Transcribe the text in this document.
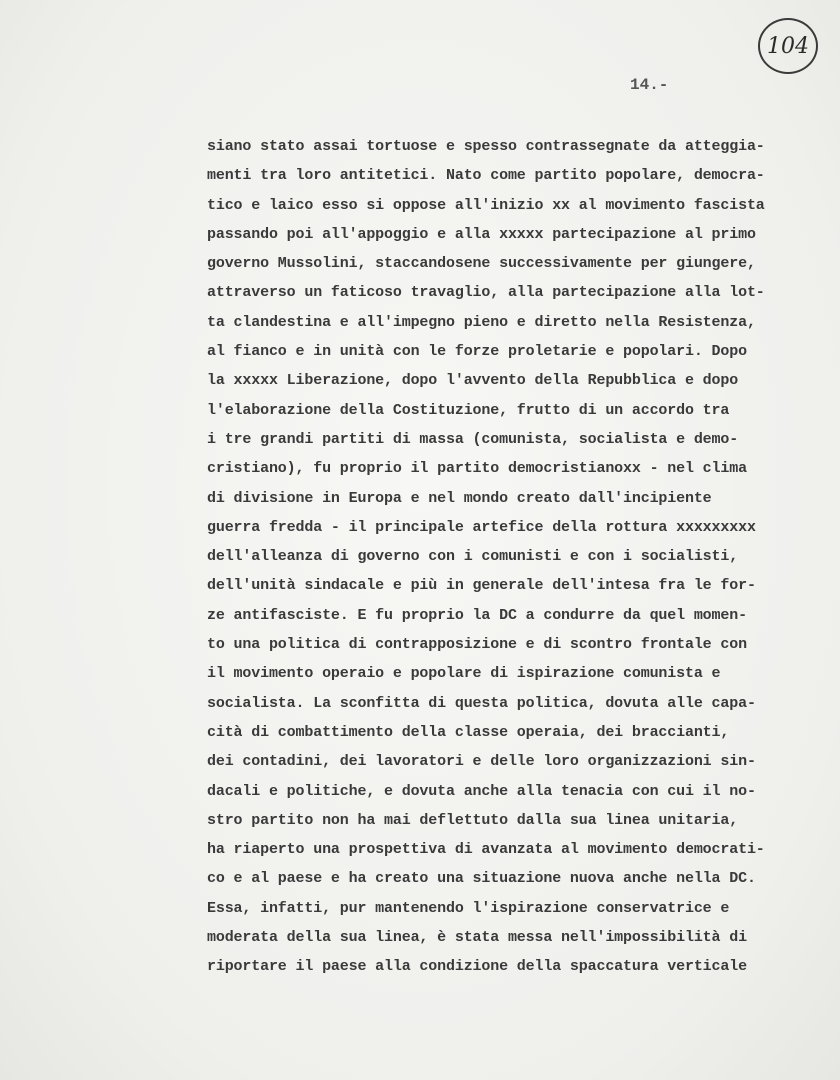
104
14.-
siano stato assai tortuose e spesso contrassegnate da atteggia-
menti tra loro antitetici. Nato come partito popolare, democra-
tico e laico esso si oppose all'inizio xx al movimento fascista
passando poi all'appoggio e alla xxxxx partecipazione al primo
governo Mussolini, staccandosene successivamente per giungere,
attraverso un faticoso travaglio, alla partecipazione alla lot-
ta clandestina e all'impegno pieno e diretto nella Resistenza,
al fianco e in unità con le forze proletarie e popolari. Dopo
la xxxxx Liberazione, dopo l'avvento della Repubblica e dopo
l'elaborazione della Costituzione, frutto di un accordo tra
i tre grandi partiti di massa (comunista, socialista e demo-
cristiano), fu proprio il partito democristianoxx - nel clima
di divisione in Europa e nel mondo creato dall'incipiente
guerra fredda - il principale artefice della rottura xxxxxxxxx
dell'alleanza di governo con i comunisti e con i socialisti,
dell'unità sindacale e più in generale dell'intesa fra le for-
ze antifasciste. E fu proprio la DC a condurre da quel momen-
to una politica di contrapposizione e di scontro frontale con
il movimento operaio e popolare di ispirazione comunista e
socialista. La sconfitta di questa politica, dovuta alle capa-
cità di combattimento della classe operaia, dei braccianti,
dei contadini, dei lavoratori e delle loro organizzazioni sin-
dacali e politiche, e dovuta anche alla tenacia con cui il no-
stro partito non ha mai deflettuto dalla sua linea unitaria,
ha riaperto una prospettiva di avanzata al movimento democrati-
co e al paese e ha creato una situazione nuova anche nella DC.
Essa, infatti, pur mantenendo l'ispirazione conservatrice e
moderata della sua linea, è stata messa nell'impossibilità di
riportare il paese alla condizione della spaccatura verticale
